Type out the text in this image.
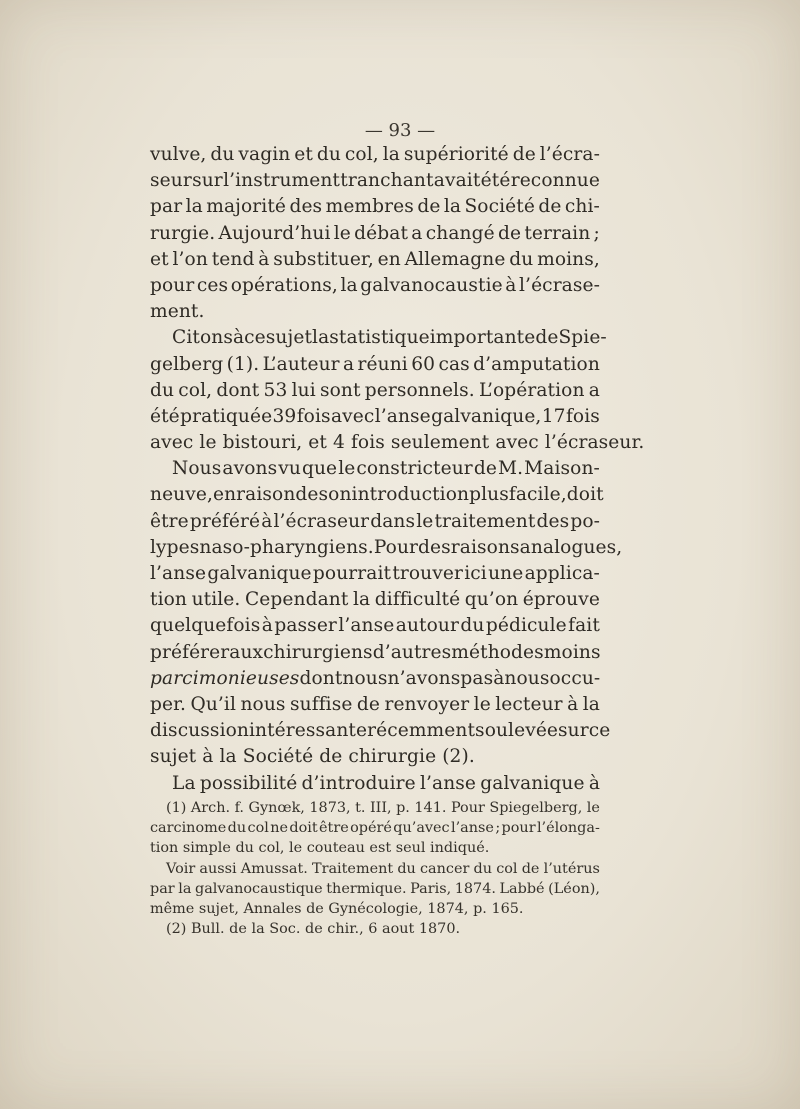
— 93 —
vulve, du vagin et du col, la supériorité de l’écra-
seur sur l’instrument tranchant avait été reconnue
par la majorité des membres de la Société de chi-
rurgie. Aujourd’hui le débat a changé de terrain ;
et l’on tend à substituer, en Allemagne du moins,
pour ces opérations, la galvanocaustie à l’écrase-
ment.
Citons à ce sujet la statistique importante de Spie-
gelberg (1). L’auteur a réuni 60 cas d’amputation
du col, dont 53 lui sont personnels. L’opération a
été pratiquée 39 fois avec l’anse galvanique, 17 fois
avec le bistouri, et 4 fois seulement avec l’écraseur.
Nous avons vu que le constricteur de M. Maison-
neuve, en raison de son introduction plus facile, doit
être préféré à l’écraseur dans le traitement des po-
lypes naso-pharyngiens. Pour des raisons analogues,
l’anse galvanique pourrait trouver ici une applica-
tion utile. Cependant la difficulté qu’on éprouve
quelquefois à passer l’anse autour du pédicule fait
préférer aux chirurgiens d’autres méthodes moins
parcimonieuses dont nous n’avons pas à nous occu-
per. Qu’il nous suffise de renvoyer le lecteur à la
discussion intéressante récemment soulevée sur ce
sujet à la Société de chirurgie (2).
La possibilité d’introduire l’anse galvanique à
(1) Arch. f. Gynœk, 1873, t. III, p. 141. Pour Spiegelberg, le
carcinome du col ne doit être opéré qu’avec l’anse ; pour l’élonga-
tion simple du col, le couteau est seul indiqué.
Voir aussi Amussat. Traitement du cancer du col de l’utérus
par la galvanocaustique thermique. Paris, 1874. Labbé (Léon),
même sujet, Annales de Gynécologie, 1874, p. 165.
(2) Bull. de la Soc. de chir., 6 aout 1870.
